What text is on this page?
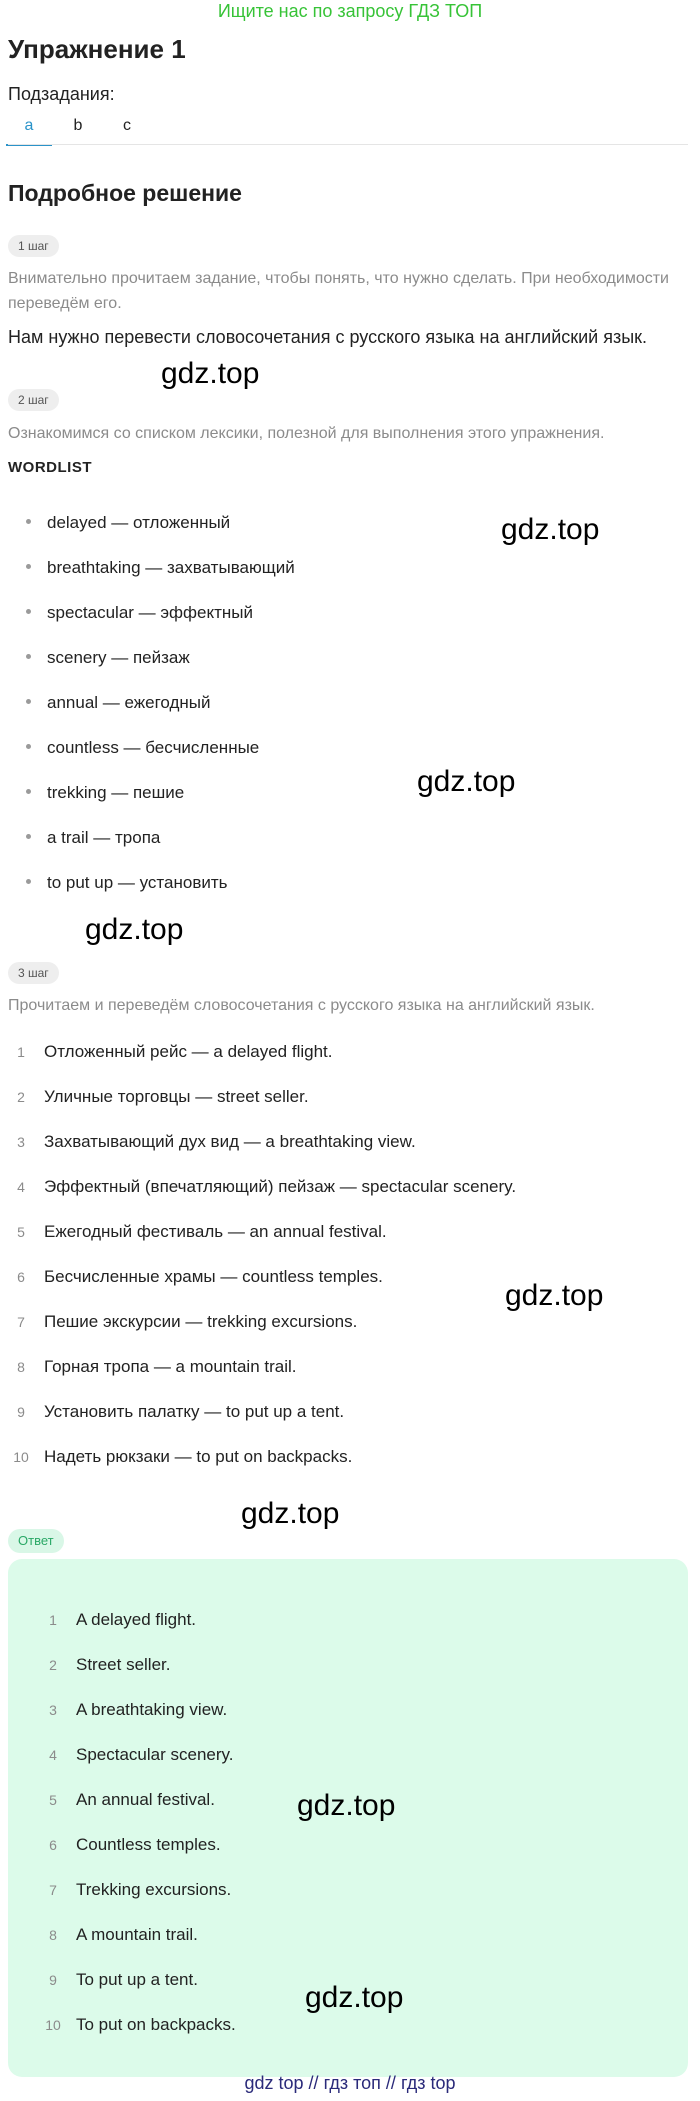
Ищите нас по запросу ГДЗ ТОП
Упражнение 1
Подзадания:
a	b	c
Подробное решение
1 шаг
Внимательно прочитаем задание, чтобы понять, что нужно сделать. При необходимости переведём его.
Нам нужно перевести словосочетания с русского языка на английский язык.
2 шаг
Ознакомимся со списком лексики, полезной для выполнения этого упражнения.
WORDLIST
delayed — отложенный
breathtaking — захватывающий
spectacular — эффектный
scenery — пейзаж
annual — ежегодный
countless — бесчисленные
trekking — пешие
a trail — тропа
to put up — установить
3 шаг
Прочитаем и переведём словосочетания с русского языка на английский язык.
1 Отложенный рейс — a delayed flight.
2 Уличные торговцы — street seller.
3 Захватывающий дух вид — a breathtaking view.
4 Эффектный (впечатляющий) пейзаж — spectacular scenery.
5 Ежегодный фестиваль — an annual festival.
6 Бесчисленные храмы — countless temples.
7 Пешие экскурсии — trekking excursions.
8 Горная тропа — a mountain trail.
9 Установить палатку — to put up a tent.
10 Надеть рюкзаки — to put on backpacks.
Ответ
1 A delayed flight.
2 Street seller.
3 A breathtaking view.
4 Spectacular scenery.
5 An annual festival.
6 Countless temples.
7 Trekking excursions.
8 A mountain trail.
9 To put up a tent.
10 To put on backpacks.
gdz.top
gdz.top
gdz.top
gdz.top
gdz.top
gdz.top
gdz.top
gdz.top
gdz top // гдз топ // гдз top
